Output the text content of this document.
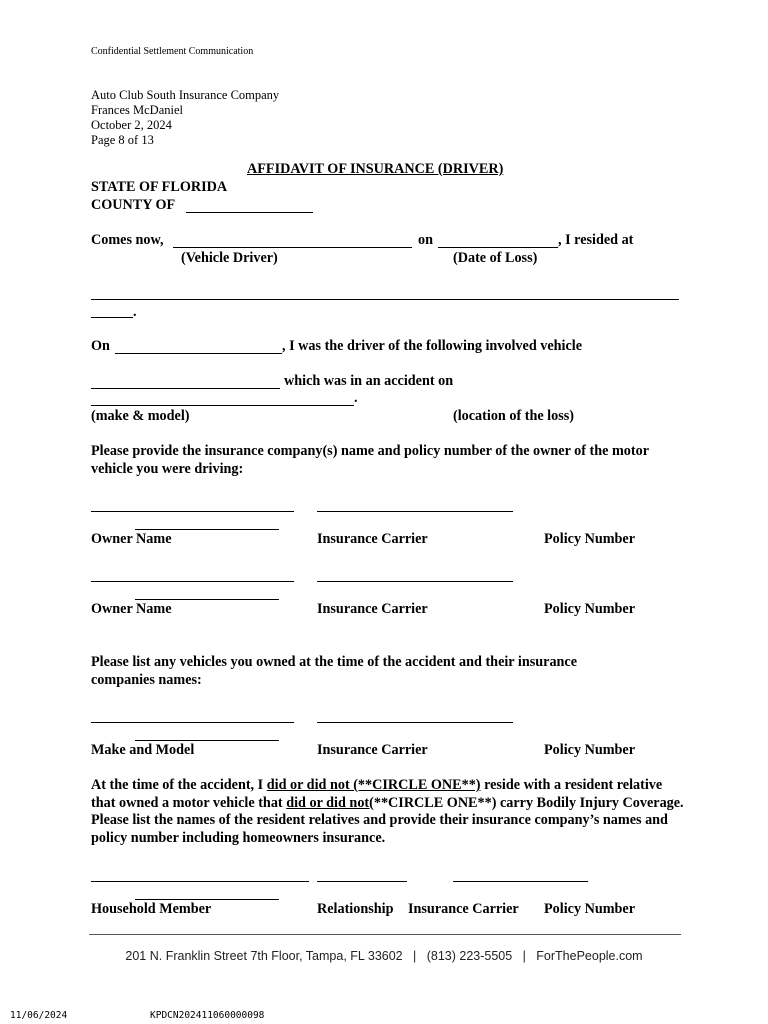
Confidential Settlement Communication
Auto Club South Insurance Company
Frances McDaniel
October 2, 2024
Page 8 of 13
AFFIDAVIT OF INSURANCE (DRIVER)
STATE OF FLORIDA
COUNTY OF
Comes now,	on	, I resided at
(Vehicle Driver)	(Date of Loss)
.
On	, I was the driver of the following involved vehicle
which was in an accident on
.
(make & model)	(location of the loss)
Please provide the insurance company(s) name and policy number of the owner of the motor vehicle you were driving:
Owner Name	Insurance Carrier	Policy Number
Owner Name	Insurance Carrier	Policy Number
Please list any vehicles you owned at the time of the accident and their insurance companies names:
Make and Model	Insurance Carrier	Policy Number
At the time of the accident, I did or did not (**CIRCLE ONE**) reside with a resident relative that owned a motor vehicle that did or did not(**CIRCLE ONE**) carry Bodily Injury Coverage. Please list the names of the resident relatives and provide their insurance company’s names and policy number including homeowners insurance.
Household Member	Relationship Insurance Carrier Policy Number
201 N. Franklin Street 7th Floor, Tampa, FL 33602 | (813) 223-5505 | ForThePeople.com
11/06/2024	KPDCN202411060000098
